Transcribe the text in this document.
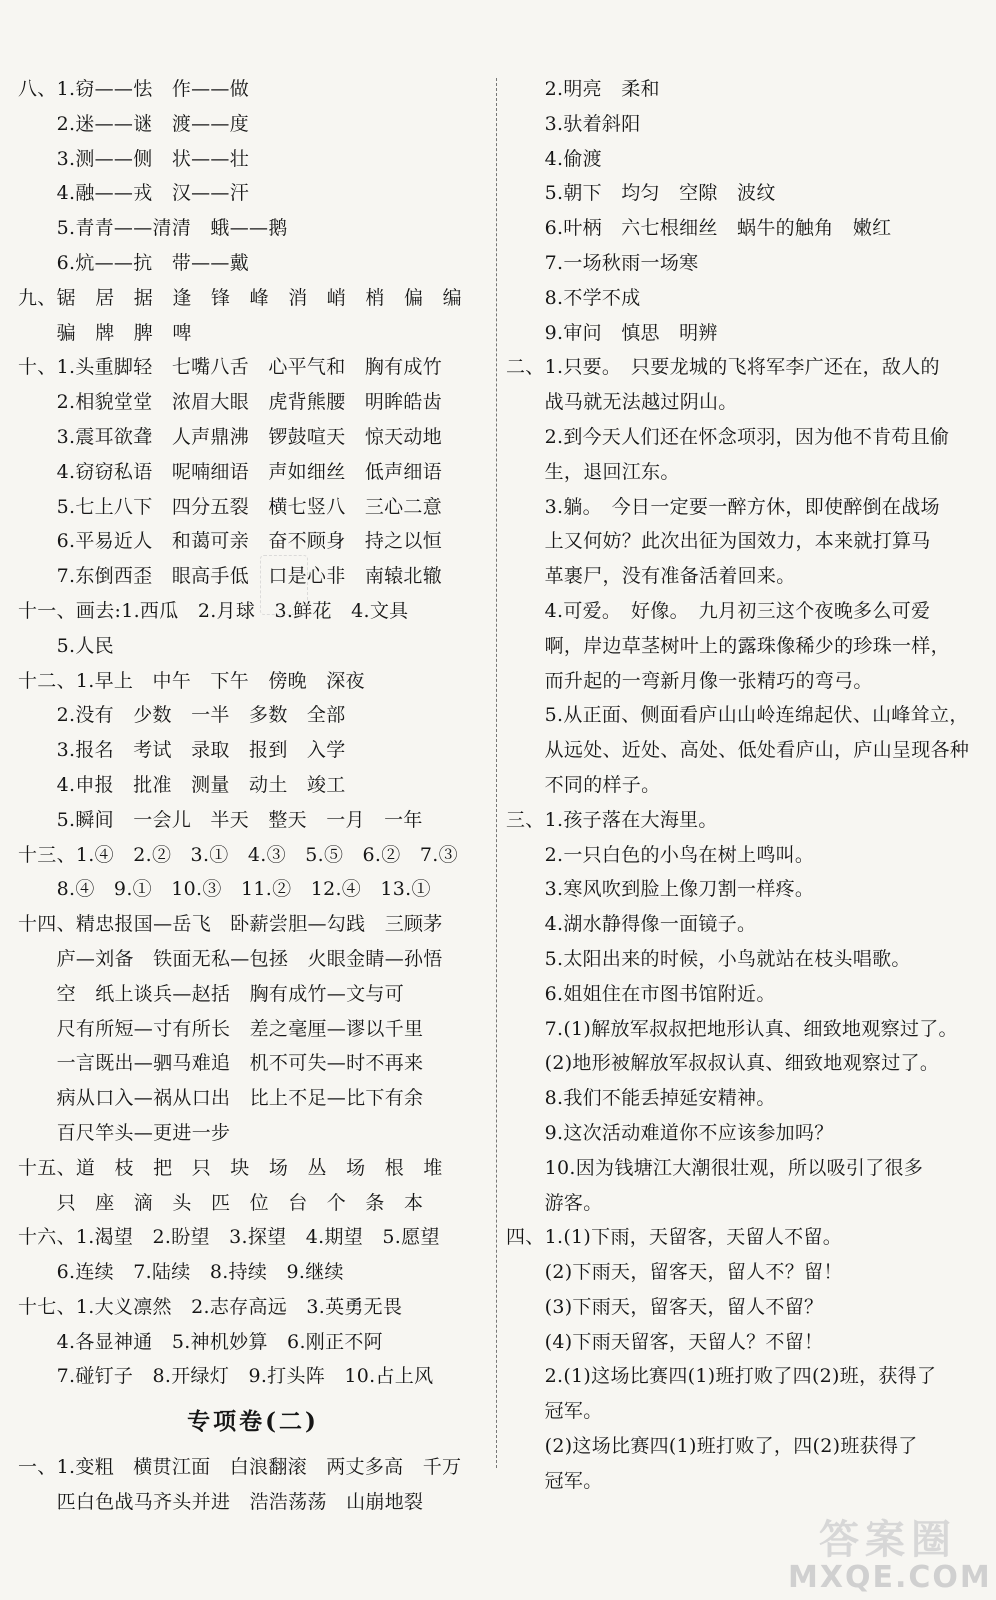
八、1.窃——怯　作——做
　　2.迷——谜　渡——度
　　3.测——侧　状——壮
　　4.融——戎　汉——汗
　　5.青青——清清　蛾——鹅
　　6.炕——抗　带——戴
九、锯　居　据　逢　锋　峰　消　峭　梢　偏　编
　　骗　牌　脾　啤
十、1.头重脚轻　七嘴八舌　心平气和　胸有成竹
　　2.相貌堂堂　浓眉大眼　虎背熊腰　明眸皓齿
　　3.震耳欲聋　人声鼎沸　锣鼓喧天　惊天动地
　　4.窃窃私语　呢喃细语　声如细丝　低声细语
　　5.七上八下　四分五裂　横七竖八　三心二意
　　6.平易近人　和蔼可亲　奋不顾身　持之以恒
　　7.东倒西歪　眼高手低　口是心非　南辕北辙
十一、画去:1.西瓜　2.月球　3.鲜花　4.文具
　　5.人民
十二、1.早上　中午　下午　傍晚　深夜
　　2.没有　少数　一半　多数　全部
　　3.报名　考试　录取　报到　入学
　　4.申报　批准　测量　动土　竣工
　　5.瞬间　一会儿　半天　整天　一月　一年
十三、1.④　2.②　3.①　4.③　5.⑤　6.②　7.③
　　8.④　9.①　10.③　11.②　12.④　13.①
十四、精忠报国—岳飞　卧薪尝胆—勾践　三顾茅
　　庐—刘备　铁面无私—包拯　火眼金睛—孙悟
　　空　纸上谈兵—赵括　胸有成竹—文与可
　　尺有所短—寸有所长　差之毫厘—谬以千里
　　一言既出—驷马难追　机不可失—时不再来
　　病从口入—祸从口出　比上不足—比下有余
　　百尺竿头—更进一步
十五、道　枝　把　只　块　场　丛　场　根　堆
　　只　座　滴　头　匹　位　台　个　条　本
十六、1.渴望　2.盼望　3.探望　4.期望　5.愿望
　　6.连续　7.陆续　8.持续　9.继续
十七、1.大义凛然　2.志存高远　3.英勇无畏
　　4.各显神通　5.神机妙算　6.刚正不阿
　　7.碰钉子　8.开绿灯　9.打头阵　10.占上风
专项卷(二)
一、1.变粗　横贯江面　白浪翻滚　两丈多高　千万
　　匹白色战马齐头并进　浩浩荡荡　山崩地裂
　　2.明亮　柔和
　　3.驮着斜阳
　　4.偷渡
　　5.朝下　均匀　空隙　波纹
　　6.叶柄　六七根细丝　蜗牛的触角　嫩红
　　7.一场秋雨一场寒
　　8.不学不成
　　9.审问　慎思　明辨
二、1.只要。　只要龙城的飞将军李广还在，敌人的
　　战马就无法越过阴山。
　　2.到今天人们还在怀念项羽，因为他不肯苟且偷
　　生，退回江东。
　　3.躺。　今日一定要一醉方休，即使醉倒在战场
　　上又何妨？此次出征为国效力，本来就打算马
　　革裹尸，没有准备活着回来。
　　4.可爱。　好像。　九月初三这个夜晚多么可爱
　　啊，岸边草茎树叶上的露珠像稀少的珍珠一样，
　　而升起的一弯新月像一张精巧的弯弓。
　　5.从正面、侧面看庐山山岭连绵起伏、山峰耸立，
　　从远处、近处、高处、低处看庐山，庐山呈现各种
　　不同的样子。
三、1.孩子落在大海里。
　　2.一只白色的小鸟在树上鸣叫。
　　3.寒风吹到脸上像刀割一样疼。
　　4.湖水静得像一面镜子。
　　5.太阳出来的时候，小鸟就站在枝头唱歌。
　　6.姐姐住在市图书馆附近。
　　7.(1)解放军叔叔把地形认真、细致地观察过了。
　　(2)地形被解放军叔叔认真、细致地观察过了。
　　8.我们不能丢掉延安精神。
　　9.这次活动难道你不应该参加吗？
　　10.因为钱塘江大潮很壮观，所以吸引了很多
　　游客。
四、1.(1)下雨，天留客，天留人不留。
　　(2)下雨天，留客天，留人不？留！
　　(3)下雨天，留客天，留人不留？
　　(4)下雨天留客，天留人？不留！
　　2.(1)这场比赛四(1)班打败了四(2)班，获得了
　　冠军。
　　(2)这场比赛四(1)班打败了，四(2)班获得了
　　冠军。
答案圈
MXQE.COM
